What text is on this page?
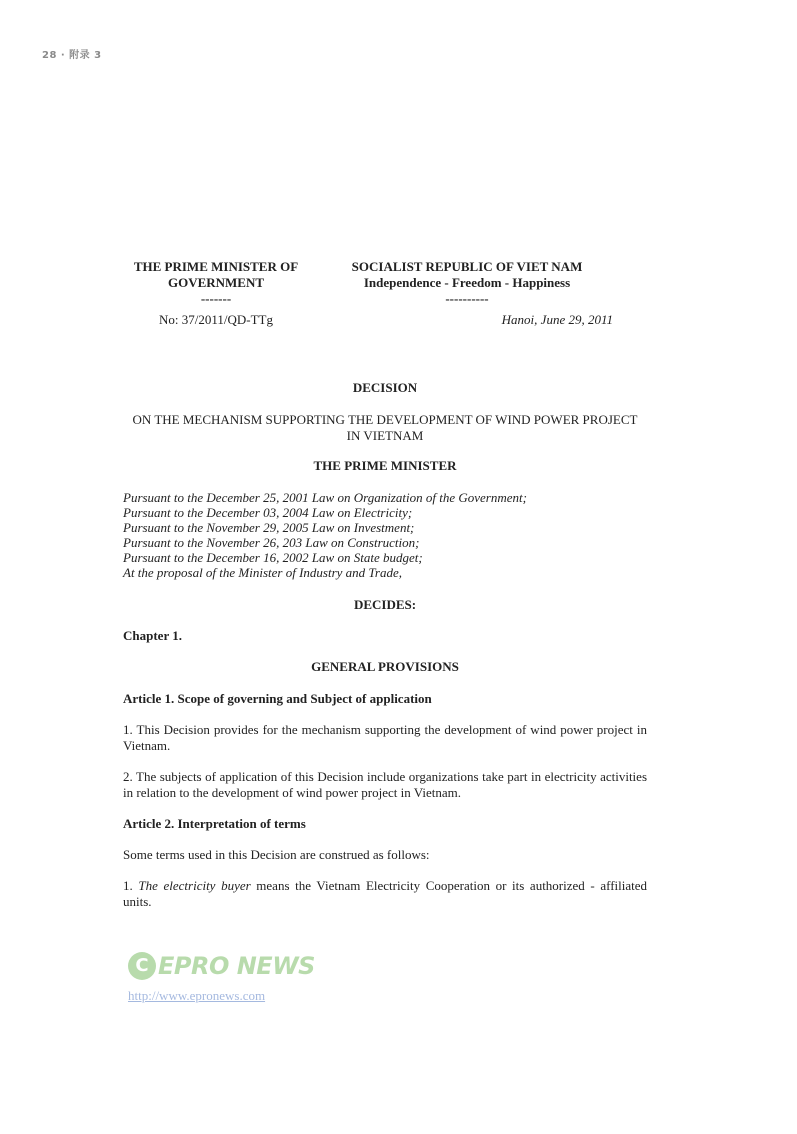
28 · 附录 3
THE PRIME MINISTER OF
GOVERNMENT
-------
SOCIALIST REPUBLIC OF VIET NAM
Independence - Freedom - Happiness
----------
No: 37/2011/QD-TTg	Hanoi, June 29, 2011
DECISION
ON THE MECHANISM SUPPORTING THE DEVELOPMENT OF WIND POWER PROJECT
IN VIETNAM
THE PRIME MINISTER
Pursuant to the December 25, 2001 Law on Organization of the Government;
Pursuant to the December 03, 2004 Law on Electricity;
Pursuant to the November 29, 2005 Law on Investment;
Pursuant to the November 26, 203 Law on Construction;
Pursuant to the December 16, 2002 Law on State budget;
At the proposal of the Minister of Industry and Trade,
DECIDES:
Chapter 1.
GENERAL PROVISIONS
Article 1. Scope of governing and Subject of application
1. This Decision provides for the mechanism supporting the development of wind power project in Vietnam.
2. The subjects of application of this Decision include organizations take part in electricity activities in relation to the development of wind power project in Vietnam.
Article 2. Interpretation of terms
Some terms used in this Decision are construed as follows:
1. The electricity buyer means the Vietnam Electricity Cooperation or its authorized - affiliated units.
C EPRO NEWS
http://www.epronews.com
